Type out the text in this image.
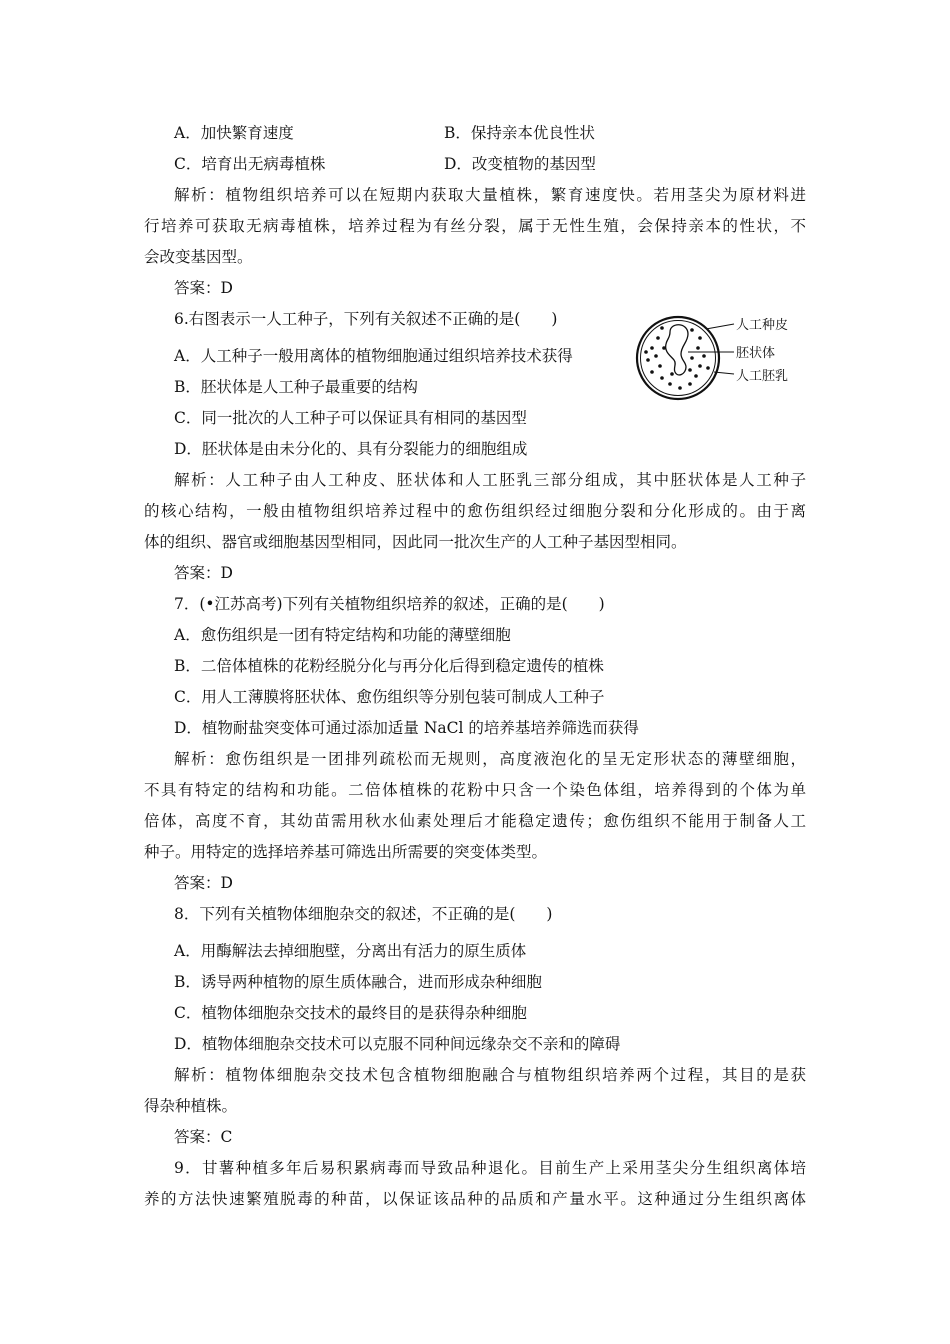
A．加快繁育速度	B．保持亲本优良性状
C．培育出无病毒植株	D．改变植物的基因型
解析：植物组织培养可以在短期内获取大量植株，繁育速度快。若用茎尖为原材料进
行培养可获取无病毒植株，培养过程为有丝分裂，属于无性生殖，会保持亲本的性状，不
会改变基因型。
答案：D
6.右图表示一人工种子，下列有关叙述不正确的是(　　)
A．人工种子一般用离体的植物细胞通过组织培养技术获得
B．胚状体是人工种子最重要的结构
C．同一批次的人工种子可以保证具有相同的基因型
D．胚状体是由未分化的、具有分裂能力的细胞组成
人工种皮
胚状体
人工胚乳
解析：人工种子由人工种皮、胚状体和人工胚乳三部分组成，其中胚状体是人工种子
的核心结构，一般由植物组织培养过程中的愈伤组织经过细胞分裂和分化形成的。由于离
体的组织、器官或细胞基因型相同，因此同一批次生产的人工种子基因型相同。
答案：D
7．(•江苏高考)下列有关植物组织培养的叙述，正确的是(　　)
A．愈伤组织是一团有特定结构和功能的薄壁细胞
B．二倍体植株的花粉经脱分化与再分化后得到稳定遗传的植株
C．用人工薄膜将胚状体、愈伤组织等分别包装可制成人工种子
D．植物耐盐突变体可通过添加适量 NaCl 的培养基培养筛选而获得
解析：愈伤组织是一团排列疏松而无规则，高度液泡化的呈无定形状态的薄壁细胞，
不具有特定的结构和功能。二倍体植株的花粉中只含一个染色体组，培养得到的个体为单
倍体，高度不育，其幼苗需用秋水仙素处理后才能稳定遗传；愈伤组织不能用于制备人工
种子。用特定的选择培养基可筛选出所需要的突变体类型。
答案：D
8．下列有关植物体细胞杂交的叙述，不正确的是(　　)
A．用酶解法去掉细胞壁，分离出有活力的原生质体
B．诱导两种植物的原生质体融合，进而形成杂种细胞
C．植物体细胞杂交技术的最终目的是获得杂种细胞
D．植物体细胞杂交技术可以克服不同种间远缘杂交不亲和的障碍
解析：植物体细胞杂交技术包含植物细胞融合与植物组织培养两个过程，其目的是获
得杂种植株。
答案：C
9．甘薯种植多年后易积累病毒而导致品种退化。目前生产上采用茎尖分生组织离体培
养的方法快速繁殖脱毒的种苗，以保证该品种的品质和产量水平。这种通过分生组织离体
